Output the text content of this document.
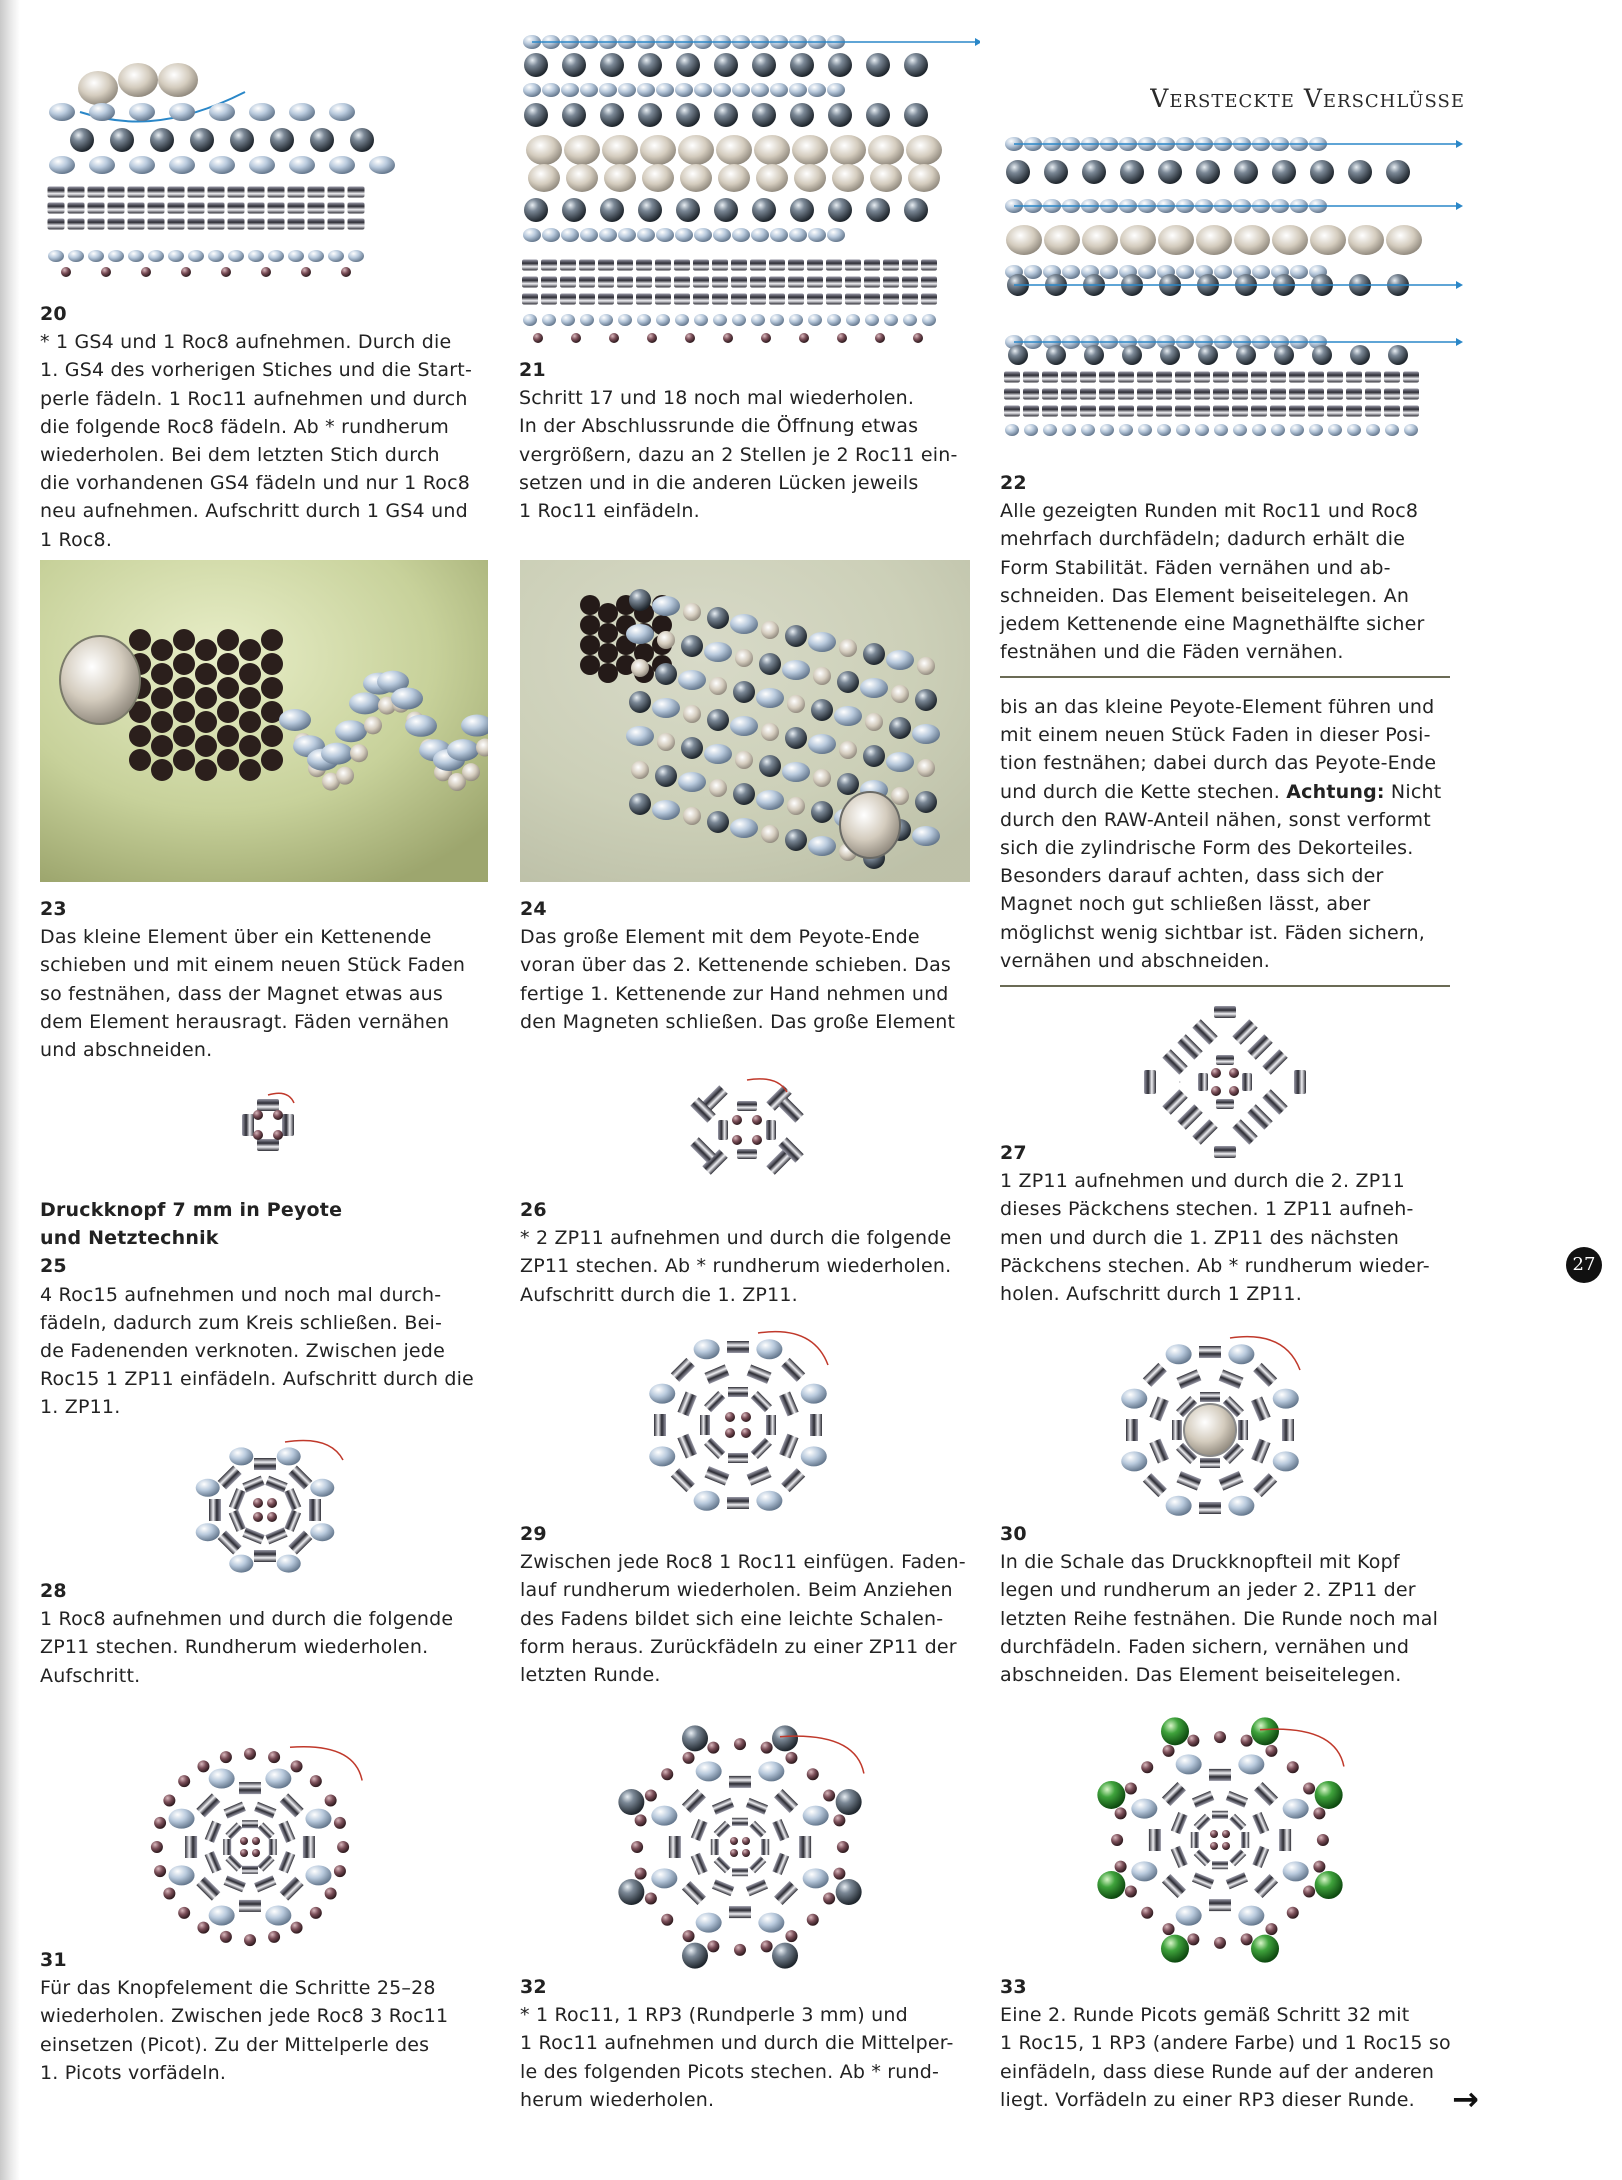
Versteckte Verschlüsse
20
* 1 GS4 und 1 Roc8 aufnehmen. Durch die
1. GS4 des vorherigen Stiches und die Start-
perle fädeln. 1 Roc11 aufnehmen und durch
die folgende Roc8 fädeln. Ab * rundherum
wiederholen. Bei dem letzten Stich durch
die vorhandenen GS4 fädeln und nur 1 Roc8
neu aufnehmen. Aufschritt durch 1 GS4 und
1 Roc8.
21
Schritt 17 und 18 noch mal wiederholen.
In der Abschlussrunde die Öffnung etwas
vergrößern, dazu an 2 Stellen je 2 Roc11 ein-
setzen und in die anderen Lücken jeweils
1 Roc11 einfädeln.
22
Alle gezeigten Runden mit Roc11 und Roc8
mehrfach durchfädeln; dadurch erhält die
Form Stabilität. Fäden vernähen und ab-
schneiden. Das Element beiseitelegen. An
jedem Kettenende eine Magnethälfte sicher
festnähen und die Fäden vernähen.
bis an das kleine Peyote-Element führen und
mit einem neuen Stück Faden in dieser Posi-
tion festnähen; dabei durch das Peyote-Ende
und durch die Kette stechen. Achtung: Nicht
durch den RAW-Anteil nähen, sonst verformt
sich die zylindrische Form des Dekorteiles.
Besonders darauf achten, dass sich der
Magnet noch gut schließen lässt, aber
möglichst wenig sichtbar ist. Fäden sichern,
vernähen und abschneiden.
23
Das kleine Element über ein Kettenende
schieben und mit einem neuen Stück Faden
so festnähen, dass der Magnet etwas aus
dem Element herausragt. Fäden vernähen
und abschneiden.
24
Das große Element mit dem Peyote-Ende
voran über das 2. Kettenende schieben. Das
fertige 1. Kettenende zur Hand nehmen und
den Magneten schließen. Das große Element
Druckknopf 7 mm in Peyote
und Netztechnik
25
4 Roc15 aufnehmen und noch mal durch-
fädeln, dadurch zum Kreis schließen. Bei-
de Fadenenden verknoten. Zwischen jede
Roc15 1 ZP11 einfädeln. Aufschritt durch die
1. ZP11.
26
* 2 ZP11 aufnehmen und durch die folgende
ZP11 stechen. Ab * rundherum wiederholen.
Aufschritt durch die 1. ZP11.
27
1 ZP11 aufnehmen und durch die 2. ZP11
dieses Päckchens stechen. 1 ZP11 aufneh-
men und durch die 1. ZP11 des nächsten
Päckchens stechen. Ab * rundherum wieder-
holen. Aufschritt durch 1 ZP11.
27
28
1 Roc8 aufnehmen und durch die folgende
ZP11 stechen. Rundherum wiederholen.
Aufschritt.
29
Zwischen jede Roc8 1 Roc11 einfügen. Faden-
lauf rundherum wiederholen. Beim Anziehen
des Fadens bildet sich eine leichte Schalen-
form heraus. Zurückfädeln zu einer ZP11 der
letzten Runde.
30
In die Schale das Druckknopfteil mit Kopf
legen und rundherum an jeder 2. ZP11 der
letzten Reihe festnähen. Die Runde noch mal
durchfädeln. Faden sichern, vernähen und
abschneiden. Das Element beiseitelegen.
31
Für das Knopfelement die Schritte 25–28
wiederholen. Zwischen jede Roc8 3 Roc11
einsetzen (Picot). Zu der Mittelperle des
1. Picots vorfädeln.
32
* 1 Roc11, 1 RP3 (Rundperle 3 mm) und
1 Roc11 aufnehmen und durch die Mittelper-
le des folgenden Picots stechen. Ab * rund-
herum wiederholen.
33
Eine 2. Runde Picots gemäß Schritt 32 mit
1 Roc15, 1 RP3 (andere Farbe) und 1 Roc15 so
einfädeln, dass diese Runde auf der anderen
liegt. Vorfädeln zu einer RP3 dieser Runde.	→
